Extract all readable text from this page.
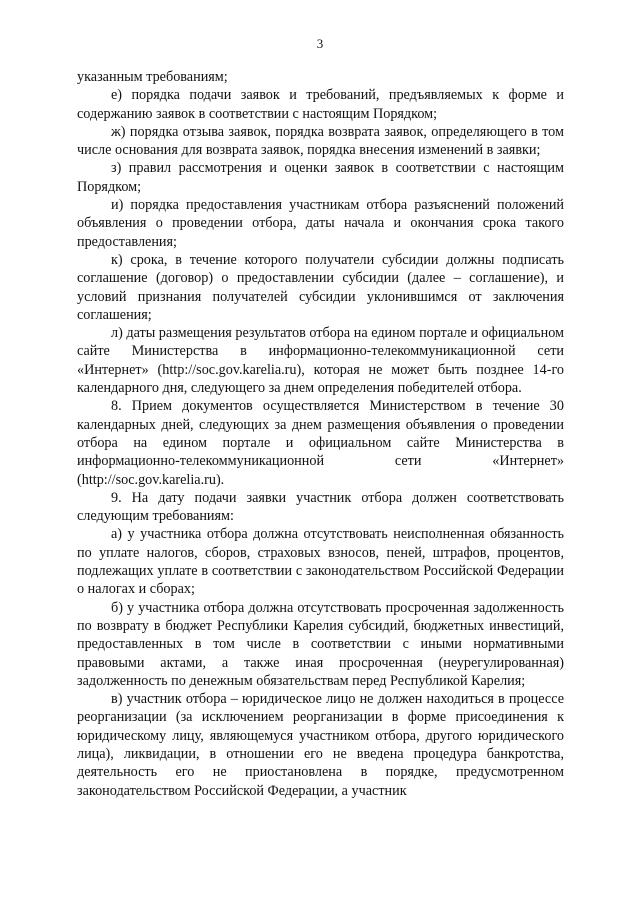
3

указанным требованиям;

е) порядка подачи заявок и требований, предъявляемых к форме и содержанию заявок в соответствии с настоящим Порядком;

ж) порядка отзыва заявок, порядка возврата заявок, определяющего в том числе основания для возврата заявок, порядка внесения изменений в заявки;

з) правил рассмотрения и оценки заявок в соответствии с настоящим Порядком;

и) порядка предоставления участникам отбора разъяснений положений объявления о проведении отбора, даты начала и окончания срока такого предоставления;

к) срока, в течение которого получатели субсидии должны подписать соглашение (договор) о предоставлении субсидии (далее – соглашение), и условий признания получателей субсидии уклонившимся от заключения соглашения;

л) даты размещения результатов отбора на едином портале и официальном сайте Министерства в информационно-телекоммуникационной сети «Интернет» (http://soc.gov.karelia.ru), которая не может быть позднее 14-го календарного дня, следующего за днем определения победителей отбора.

8. Прием документов осуществляется Министерством в течение 30 календарных дней, следующих за днем размещения объявления о проведении отбора на едином портале и официальном сайте Министерства в информационно-телекоммуникационной сети «Интернет» (http://soc.gov.karelia.ru).

9. На дату подачи заявки участник отбора должен соответствовать следующим требованиям:

а) у участника отбора должна отсутствовать неисполненная обязанность по уплате налогов, сборов, страховых взносов, пеней, штрафов, процентов, подлежащих уплате в соответствии с законодательством Российской Федерации о налогах и сборах;

б) у участника отбора должна отсутствовать просроченная задолженность по возврату в бюджет Республики Карелия субсидий, бюджетных инвестиций, предоставленных в том числе в соответствии с иными нормативными правовыми актами, а также иная просроченная (неурегулированная) задолженность по денежным обязательствам перед Республикой Карелия;

в) участник отбора – юридическое лицо не должен находиться в процессе реорганизации (за исключением реорганизации в форме присоединения к юридическому лицу, являющемуся участником отбора, другого юридического лица), ликвидации, в отношении его не введена процедура банкротства, деятельность его не приостановлена в порядке, предусмотренном законодательством Российской Федерации, а участник
